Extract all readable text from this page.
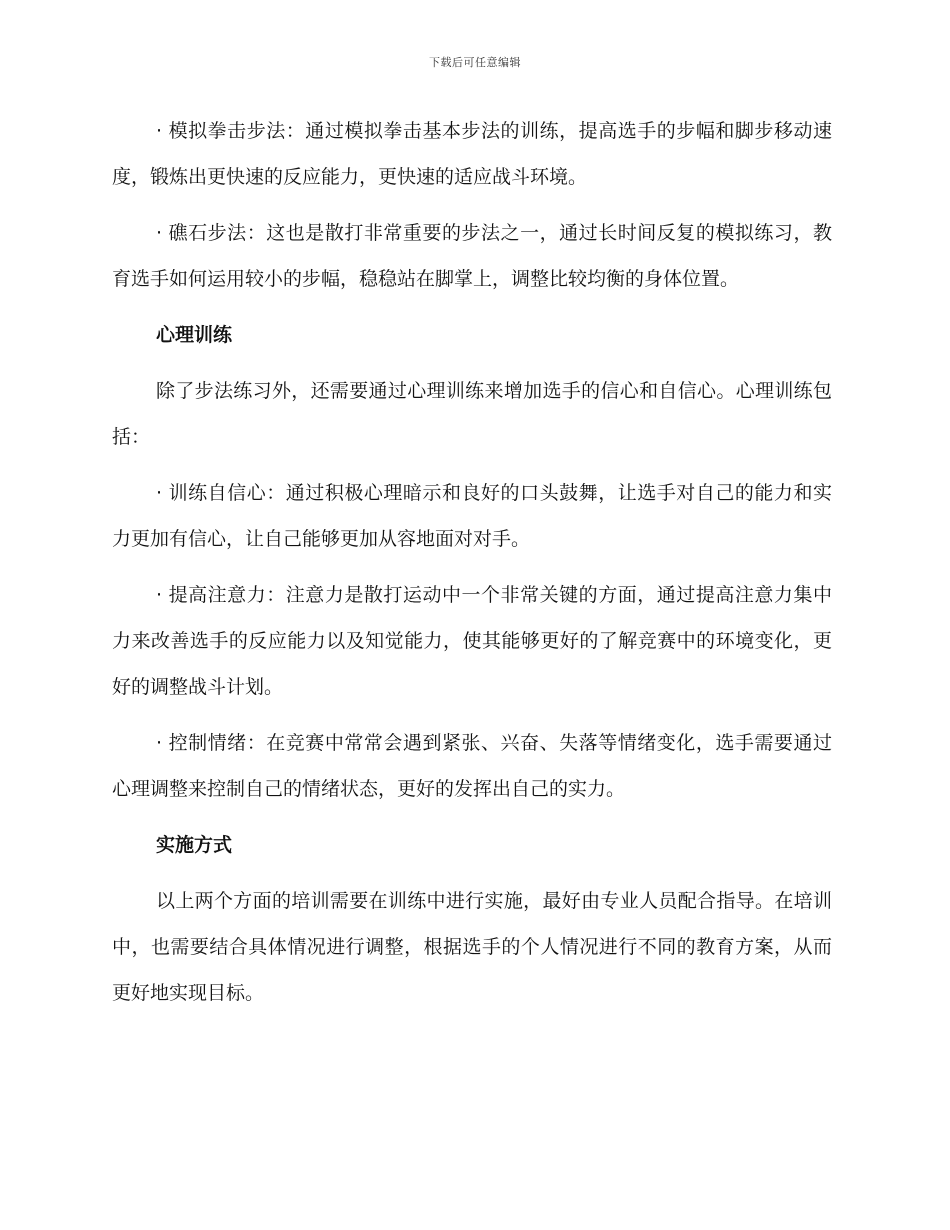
下载后可任意编辑

· 模拟拳击步法：通过模拟拳击基本步法的训练，提高选手的步幅和脚步移动速度，锻炼出更快速的反应能力，更快速的适应战斗环境。

· 礁石步法：这也是散打非常重要的步法之一，通过长时间反复的模拟练习，教育选手如何运用较小的步幅，稳稳站在脚掌上，调整比较均衡的身体位置。

心理训练

除了步法练习外，还需要通过心理训练来增加选手的信心和自信心。心理训练包括：

· 训练自信心：通过积极心理暗示和良好的口头鼓舞，让选手对自己的能力和实力更加有信心，让自己能够更加从容地面对对手。

· 提高注意力：注意力是散打运动中一个非常关键的方面，通过提高注意力集中力来改善选手的反应能力以及知觉能力，使其能够更好的了解竞赛中的环境变化，更好的调整战斗计划。

· 控制情绪：在竞赛中常常会遇到紧张、兴奋、失落等情绪变化，选手需要通过心理调整来控制自己的情绪状态，更好的发挥出自己的实力。

实施方式

以上两个方面的培训需要在训练中进行实施，最好由专业人员配合指导。在培训中，也需要结合具体情况进行调整，根据选手的个人情况进行不同的教育方案，从而更好地实现目标。
